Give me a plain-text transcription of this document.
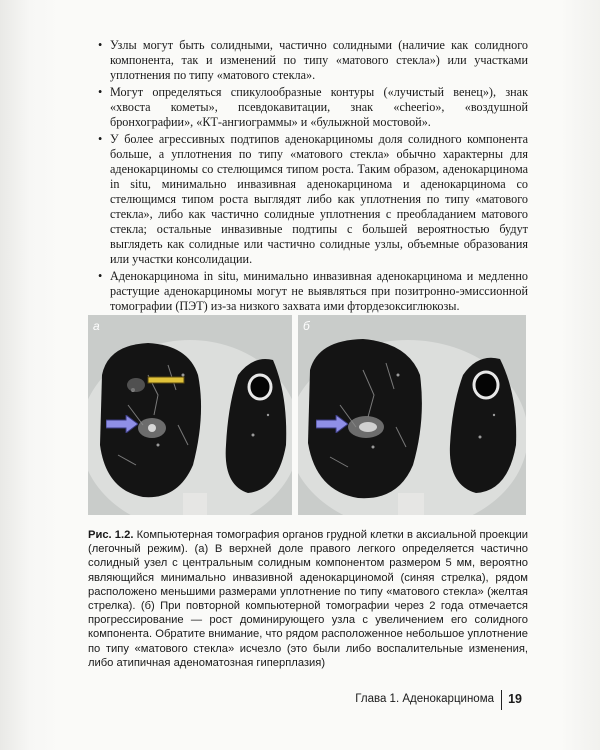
• Узлы могут быть солидными, частично солидными (наличие как солидного компонента, так и изменений по типу «матового стекла») или участками уплотнения по типу «матового стекла».
• Могут определяться спикулообразные контуры («лучистый венец»), знак «хвоста кометы», псевдокавитации, знак «cheerio», «воздушной бронхографии», «КТ-ангиограммы» и «булыжной мостовой».
• У более агрессивных подтипов аденокарциномы доля солидного компонента больше, а уплотнения по типу «матового стекла» обычно характерны для аденокарциномы со стелющимся типом роста. Таким образом, аденокарцинома in situ, минимально инвазивная аденокарцинома и аденокарцинома со стелющимся типом роста выглядят либо как уплотнения по типу «матового стекла», либо как частично солидные уплотнения с преобладанием матового стекла; остальные инвазивные подтипы с большей вероятностью будут выглядеть как солидные или частично солидные узлы, объемные образования или участки консолидации.
• Аденокарцинома in situ, минимально инвазивная аденокарцинома и медленно растущие аденокарциномы могут не выявляться при позитронно-эмиссионной томографии (ПЭТ) из-за низкого захвата ими фтордезоксиглюкозы.
а	б
Рис. 1.2. Компьютерная томография органов грудной клетки в аксиальной проекции (легочный режим). (а) В верхней доле правого легкого определяется частично солидный узел с центральным солидным компонентом размером 5 мм, вероятно являющийся минимально инвазивной аденокарциномой (синяя стрелка), рядом расположено меньшими размерами уплотнение по типу «матового стекла» (желтая стрелка). (б) При повторной компьютерной томографии через 2 года отмечается прогрессирование — рост доминирующего узла с увеличением его солидного компонента. Обратите внимание, что рядом расположенное небольшое уплотнение по типу «матового стекла» исчезло (это были либо воспалительные изменения, либо атипичная аденоматозная гиперплазия)
Глава 1. Аденокарцинома 19
